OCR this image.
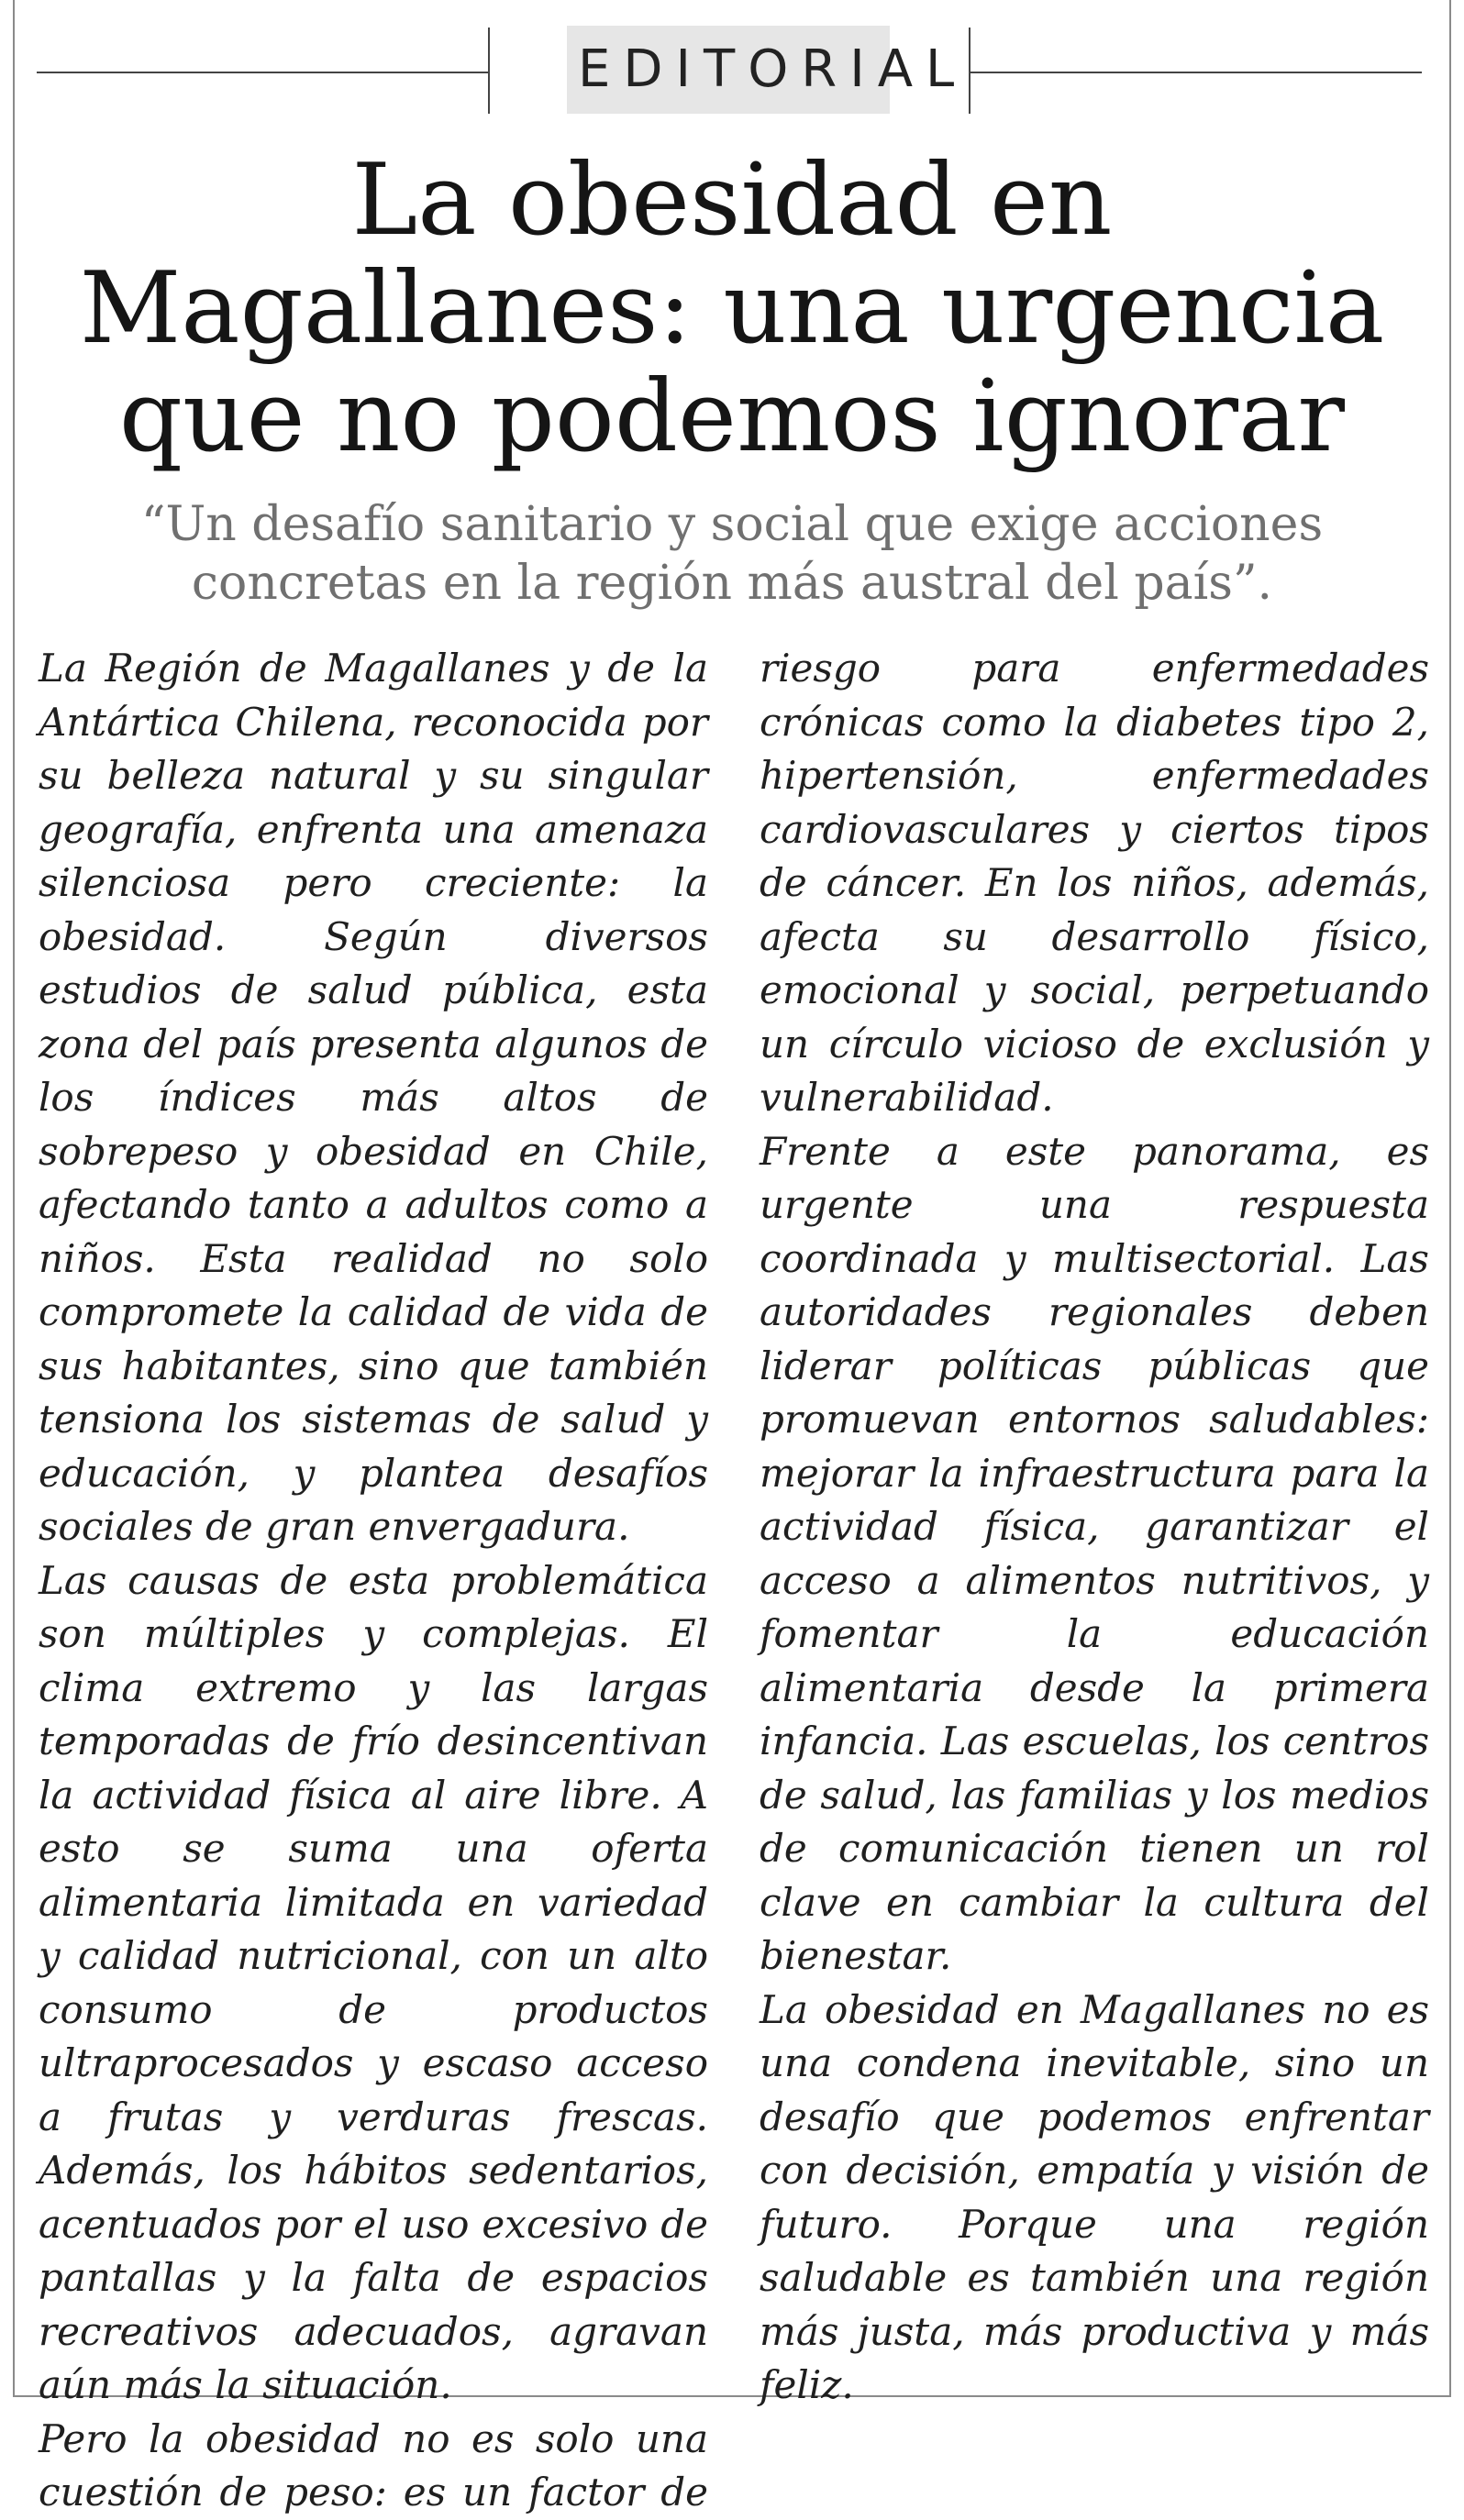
EDITORIAL
La obesidad en Magallanes: una urgencia que no podemos ignorar

“Un desafío sanitario y social que exige acciones concretas en la región más austral del país”.

La Región de Magallanes y de la Antártica Chilena, reconocida por su belleza natural y su singular geografía, enfrenta una amenaza silenciosa pero creciente: la obesidad. Según diversos estudios de salud pública, esta zona del país presenta algunos de los índices más altos de sobrepeso y obesidad en Chile, afectando tanto a adultos como a niños. Esta realidad no solo compromete la calidad de vida de sus habitantes, sino que también tensiona los sistemas de salud y educación, y plantea desafíos sociales de gran envergadura.

Las causas de esta problemática son múltiples y complejas. El clima extremo y las largas temporadas de frío desincentivan la actividad física al aire libre. A esto se suma una oferta alimentaria limitada en variedad y calidad nutricional, con un alto consumo de productos ultraprocesados y escaso acceso a frutas y verduras frescas. Además, los hábitos sedentarios, acentuados por el uso excesivo de pantallas y la falta de espacios recreativos adecuados, agravan aún más la situación.

Pero la obesidad no es solo una cuestión de peso: es un factor de riesgo para enfermedades crónicas como la diabetes tipo 2, hipertensión, enfermedades cardiovasculares y ciertos tipos de cáncer. En los niños, además, afecta su desarrollo físico, emocional y social, perpetuando un círculo vicioso de exclusión y vulnerabilidad.

Frente a este panorama, es urgente una respuesta coordinada y multisectorial. Las autoridades regionales deben liderar políticas públicas que promuevan entornos saludables: mejorar la infraestructura para la actividad física, garantizar el acceso a alimentos nutritivos, y fomentar la educación alimentaria desde la primera infancia. Las escuelas, los centros de salud, las familias y los medios de comunicación tienen un rol clave en cambiar la cultura del bienestar.

La obesidad en Magallanes no es una condena inevitable, sino un desafío que podemos enfrentar con decisión, empatía y visión de futuro. Porque una región saludable es también una región más justa, más productiva y más feliz.
